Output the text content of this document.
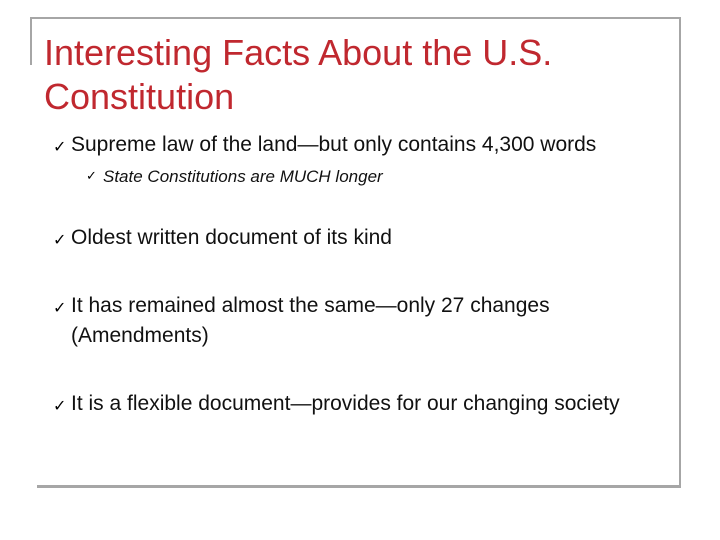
Interesting Facts About the U.S.
Constitution
✓ Supreme law of the land—but only contains 4,300 words
✓ State Constitutions are MUCH longer
✓ Oldest written document of its kind
✓ It has remained almost the same—only 27 changes (Amendments)
✓ It is a flexible document—provides for our changing society
